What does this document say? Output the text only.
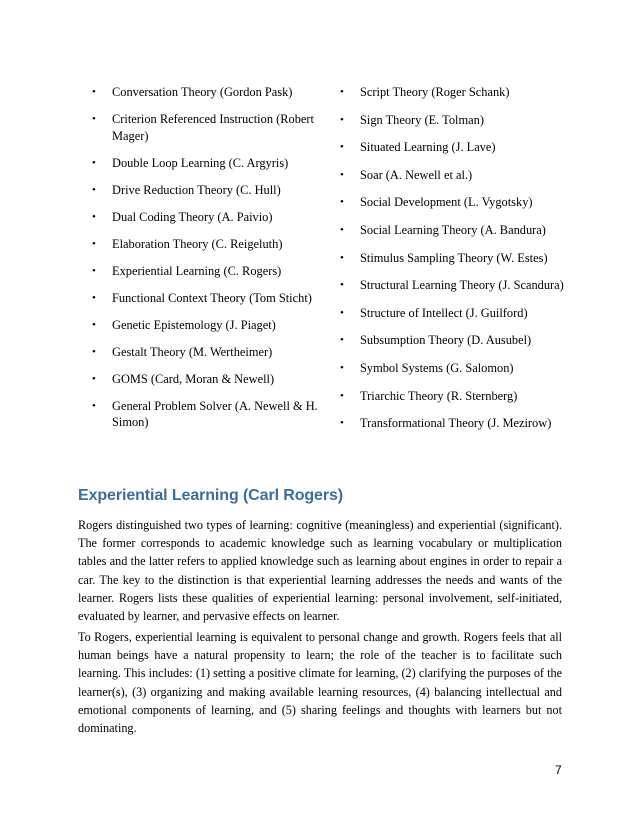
• Conversation Theory (Gordon Pask)
• Criterion Referenced Instruction (Robert Mager)
• Double Loop Learning (C. Argyris)
• Drive Reduction Theory (C. Hull)
• Dual Coding Theory (A. Paivio)
• Elaboration Theory (C. Reigeluth)
• Experiential Learning (C. Rogers)
• Functional Context Theory (Tom Sticht)
• Genetic Epistemology (J. Piaget)
• Gestalt Theory (M. Wertheimer)
• GOMS (Card, Moran & Newell)
• General Problem Solver (A. Newell & H. Simon)
• Script Theory (Roger Schank)
• Sign Theory (E. Tolman)
• Situated Learning (J. Lave)
• Soar (A. Newell et al.)
• Social Development (L. Vygotsky)
• Social Learning Theory (A. Bandura)
• Stimulus Sampling Theory (W. Estes)
• Structural Learning Theory (J. Scandura)
• Structure of Intellect (J. Guilford)
• Subsumption Theory (D. Ausubel)
• Symbol Systems (G. Salomon)
• Triarchic Theory (R. Sternberg)
• Transformational Theory (J. Mezirow)
Experiential Learning (Carl Rogers)

Rogers distinguished two types of learning: cognitive (meaningless) and experiential (significant). The former corresponds to academic knowledge such as learning vocabulary or multiplication tables and the latter refers to applied knowledge such as learning about engines in order to repair a car. The key to the distinction is that experiential learning addresses the needs and wants of the learner. Rogers lists these qualities of experiential learning: personal involvement, self-initiated, evaluated by learner, and pervasive effects on learner.

To Rogers, experiential learning is equivalent to personal change and growth. Rogers feels that all human beings have a natural propensity to learn; the role of the teacher is to facilitate such learning. This includes: (1) setting a positive climate for learning, (2) clarifying the purposes of the learner(s), (3) organizing and making available learning resources, (4) balancing intellectual and emotional components of learning, and (5) sharing feelings and thoughts with learners but not dominating.

7
